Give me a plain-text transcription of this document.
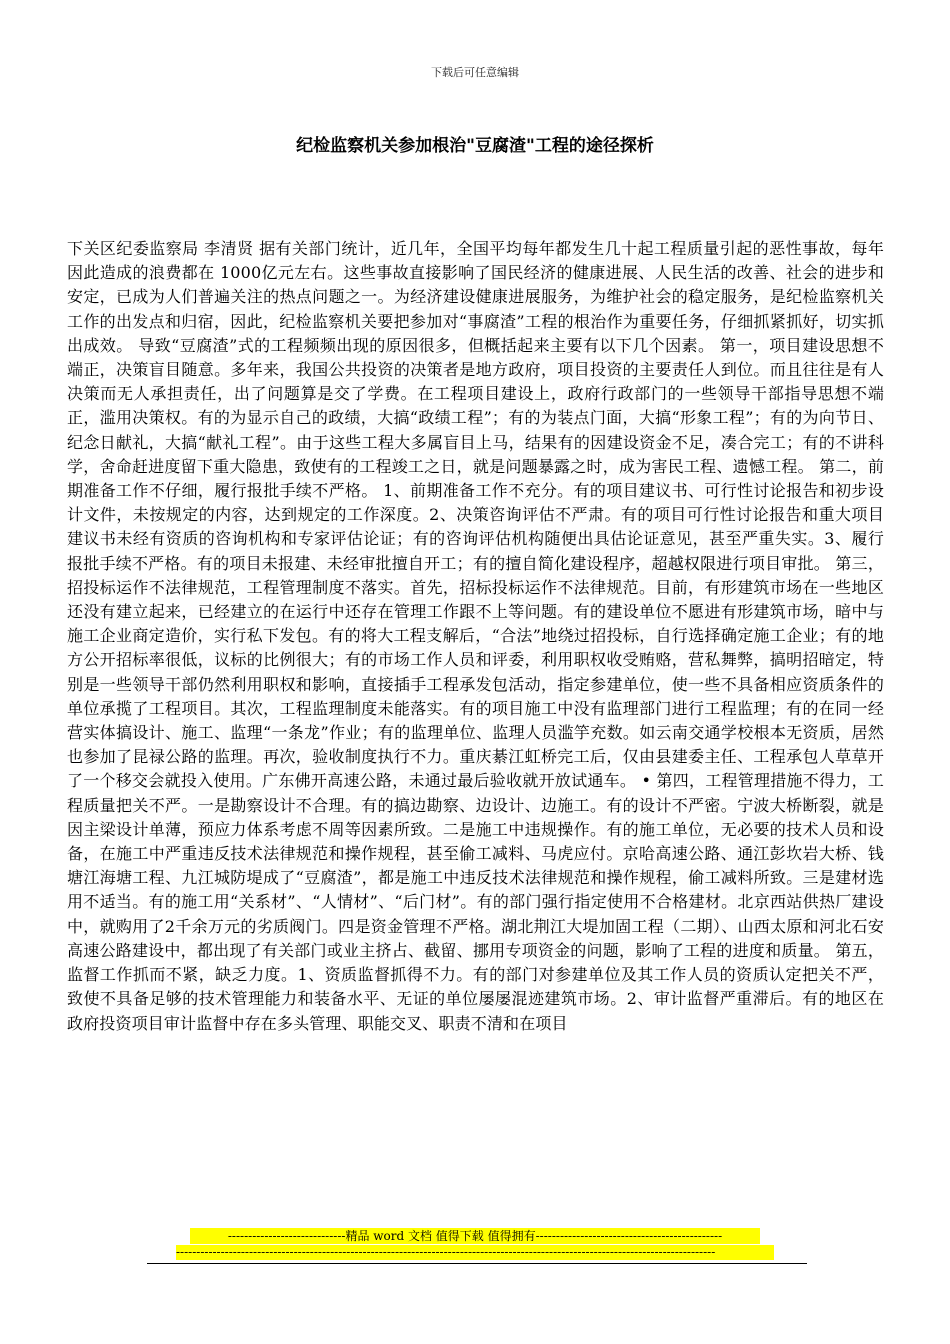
下载后可任意编辑
纪检监察机关参加根治"豆腐渣"工程的途径探析
下关区纪委监察局 李清贤 据有关部门统计，近几年，全国平均每年都发生几十起工程质量引起的恶性事故，每年因此造成的浪费都在 1000亿元左右。这些事故直接影响了国民经济的健康进展、人民生活的改善、社会的进步和安定，已成为人们普遍关注的热点问题之一。为经济建设健康进展服务，为维护社会的稳定服务，是纪检监察机关工作的出发点和归宿，因此，纪检监察机关要把参加对“事腐渣”工程的根治作为重要任务，仔细抓紧抓好，切实抓出成效。 导致“豆腐渣”式的工程频频出现的原因很多，但概括起来主要有以下几个因素。 第一，项目建设思想不端正，决策盲目随意。多年来，我国公共投资的决策者是地方政府，项目投资的主要责任人到位。而且往往是有人决策而无人承担责任，出了问题算是交了学费。在工程项目建设上，政府行政部门的一些领导干部指导思想不端正，滥用决策权。有的为显示自己的政绩，大搞“政绩工程”；有的为装点门面，大搞“形象工程”；有的为向节日、纪念日献礼，大搞“献礼工程”。由于这些工程大多属盲目上马，结果有的因建设资金不足，凑合完工；有的不讲科学，舍命赶进度留下重大隐患，致使有的工程竣工之日，就是问题暴露之时，成为害民工程、遗憾工程。 第二，前期准备工作不仔细，履行报批手续不严格。 1、前期准备工作不充分。有的项目建议书、可行性讨论报告和初步设计文件，未按规定的内容，达到规定的工作深度。2、决策咨询评估不严肃。有的项目可行性讨论报告和重大项目建议书未经有资质的咨询机构和专家评估论证；有的咨询评估机构随便出具估论证意见，甚至严重失实。3、履行报批手续不严格。有的项目未报建、未经审批擅自开工；有的擅自简化建设程序，超越权限进行项目审批。 第三，招投标运作不法律规范，工程管理制度不落实。首先，招标投标运作不法律规范。目前，有形建筑市场在一些地区还没有建立起来，已经建立的在运行中还存在管理工作跟不上等问题。有的建设单位不愿进有形建筑市场，暗中与施工企业商定造价，实行私下发包。有的将大工程支解后，“合法”地绕过招投标，自行选择确定施工企业；有的地方公开招标率很低，议标的比例很大；有的市场工作人员和评委，利用职权收受贿赂，营私舞弊，搞明招暗定，特别是一些领导干部仍然利用职权和影响，直接插手工程承发包活动，指定参建单位，使一些不具备相应资质条件的单位承揽了工程项目。其次，工程监理制度未能落实。有的项目施工中没有监理部门进行工程监理；有的在同一经营实体搞设计、施工、监理“一条龙”作业；有的监理单位、监理人员滥竽充数。如云南交通学校根本无资质，居然也参加了昆禄公路的监理。再次，验收制度执行不力。重庆綦江虹桥完工后，仅由县建委主任、工程承包人草草开了一个移交会就投入使用。广东佛开高速公路，未通过最后验收就开放试通车。 • 第四，工程管理措施不得力，工程质量把关不严。一是勘察设计不合理。有的搞边勘察、边设计、边施工。有的设计不严密。宁波大桥断裂，就是因主梁设计单薄，预应力体系考虑不周等因素所致。二是施工中违规操作。有的施工单位，无必要的技术人员和设备，在施工中严重违反技术法律规范和操作规程，甚至偷工减料、马虎应付。京哈高速公路、通江彭坎岩大桥、钱塘江海塘工程、九江城防堤成了“豆腐渣”，都是施工中违反技术法律规范和操作规程，偷工减料所致。三是建材选用不适当。有的施工用“关系材”、“人情材”、“后门材”。有的部门强行指定使用不合格建材。北京西站供热厂建设中，就购用了2千余万元的劣质阀门。四是资金管理不严格。湖北荆江大堤加固工程（二期）、山西太原和河北石安高速公路建设中，都出现了有关部门或业主挤占、截留、挪用专项资金的问题，影响了工程的进度和质量。 第五，监督工作抓而不紧，缺乏力度。1、资质监督抓得不力。有的部门对参建单位及其工作人员的资质认定把关不严，致使不具备足够的技术管理能力和装备水平、无证的单位屡屡混迹建筑市场。2、审计监督严重滞后。有的地区在政府投资项目审计监督中存在多头管理、职能交叉、职责不清和在项目
-----------------------------精品 word 文档 值得下载 值得拥有----------------------------------------------
-------------------------------------------------------------------------------------------------------------------------------------
